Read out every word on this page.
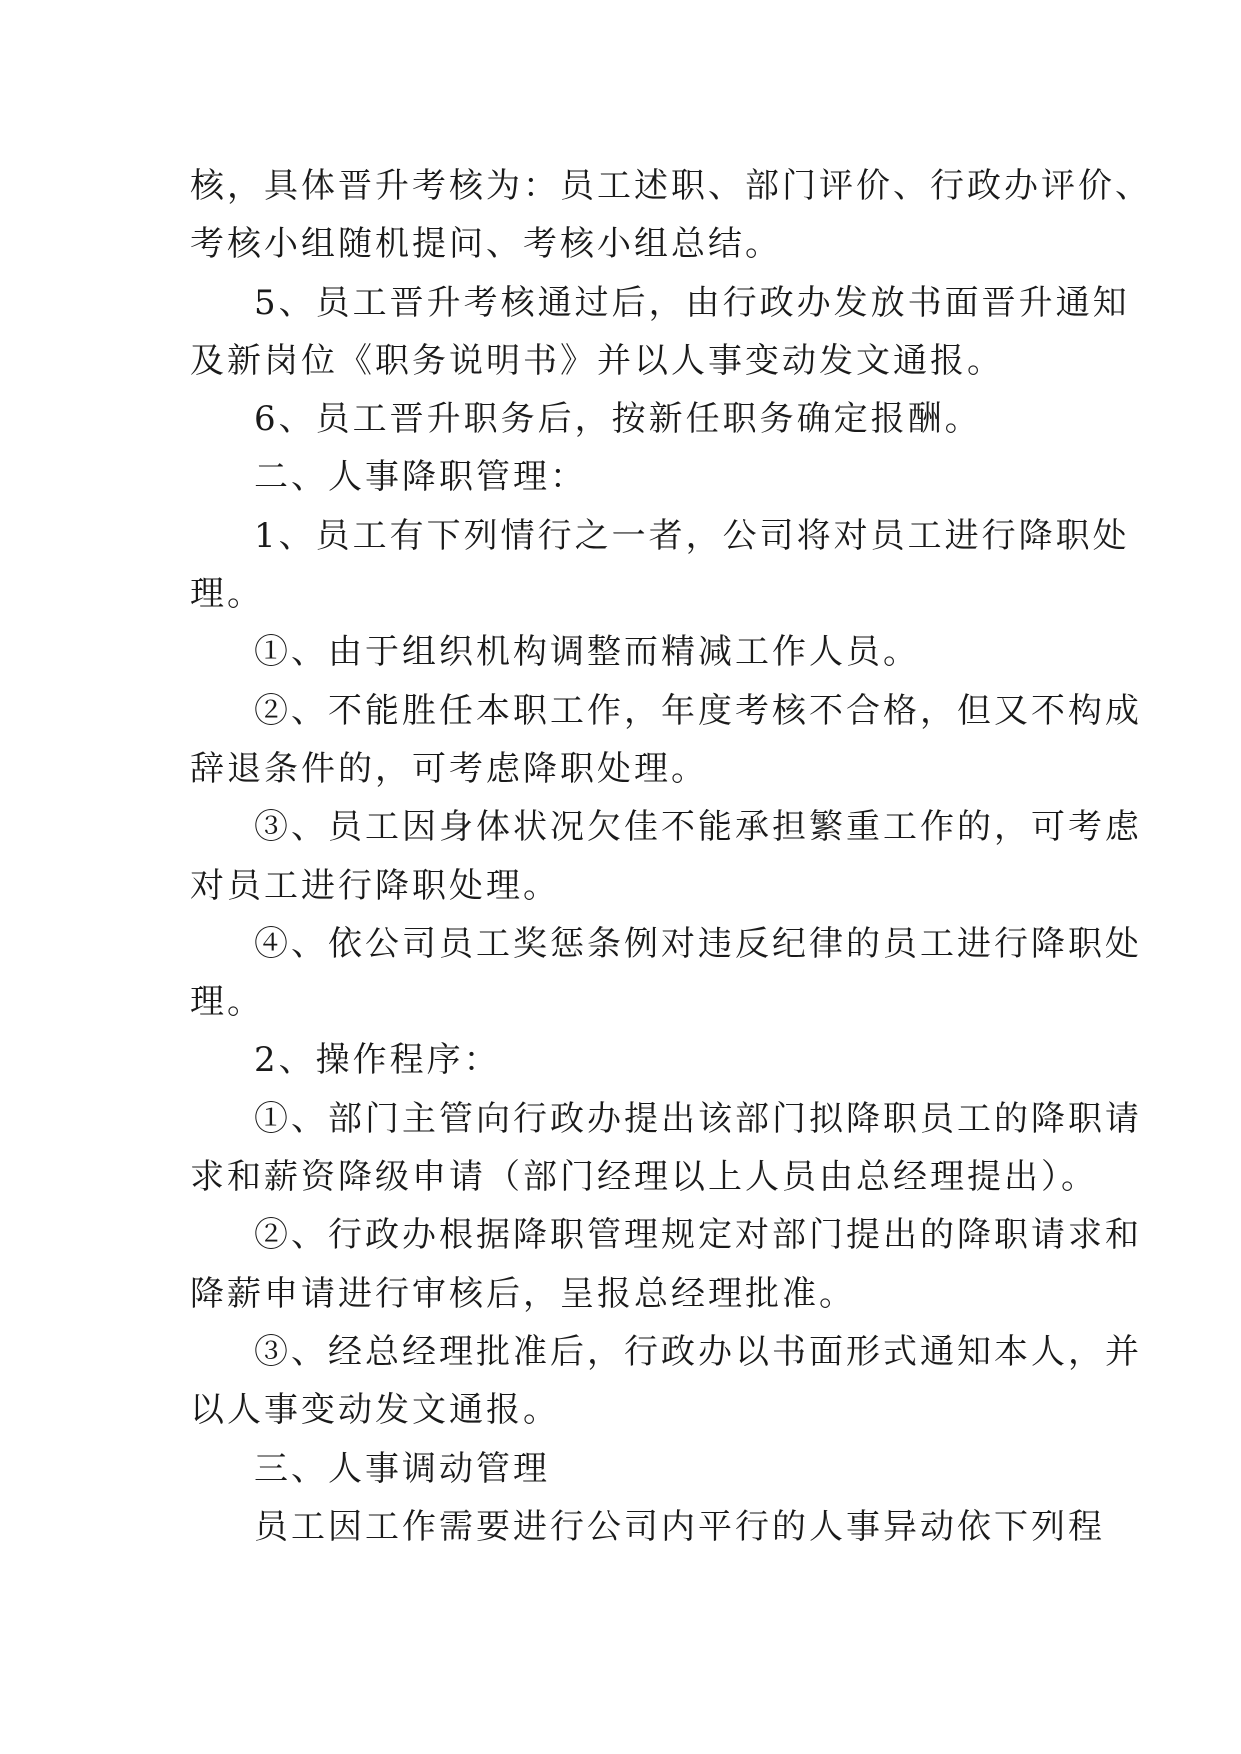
核，具体晋升考核为：员工述职、部门评价、行政办评价、
考核小组随机提问、考核小组总结。
5、员工晋升考核通过后，由行政办发放书面晋升通知
及新岗位《职务说明书》并以人事变动发文通报。
6、员工晋升职务后，按新任职务确定报酬。
二、人事降职管理：
1、员工有下列情行之一者，公司将对员工进行降职处
理。
①、由于组织机构调整而精减工作人员。
②、不能胜任本职工作，年度考核不合格，但又不构成
辞退条件的，可考虑降职处理。
③、员工因身体状况欠佳不能承担繁重工作的，可考虑
对员工进行降职处理。
④、依公司员工奖惩条例对违反纪律的员工进行降职处
理。
2、操作程序：
①、部门主管向行政办提出该部门拟降职员工的降职请
求和薪资降级申请（部门经理以上人员由总经理提出）。
②、行政办根据降职管理规定对部门提出的降职请求和
降薪申请进行审核后，呈报总经理批准。
③、经总经理批准后，行政办以书面形式通知本人，并
以人事变动发文通报。
三、人事调动管理
员工因工作需要进行公司内平行的人事异动依下列程
